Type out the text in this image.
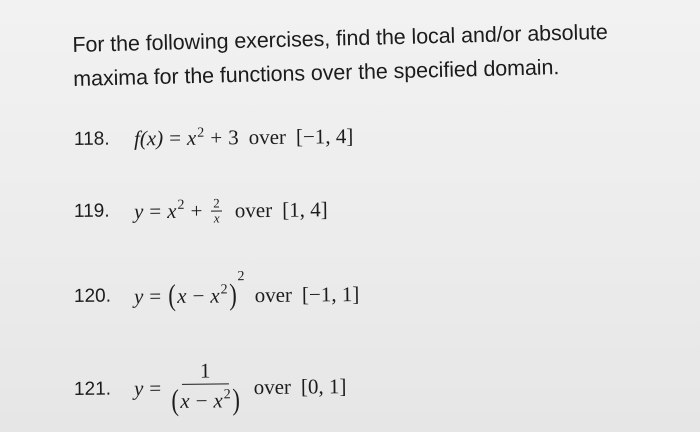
For the following exercises, find the local and/or absolute
maxima for the functions over the specified domain.
118.	$f(x) = x^2 + 3$ over [−1, 4]
119.	$y = x^2 + \frac{2}{x}$ over [1, 4]
120.	y = ( $x - x^2$ )
2
over [−1, 1]
121.	$y = \frac{1}{( x - x^2 )}$ over [0, 1]
